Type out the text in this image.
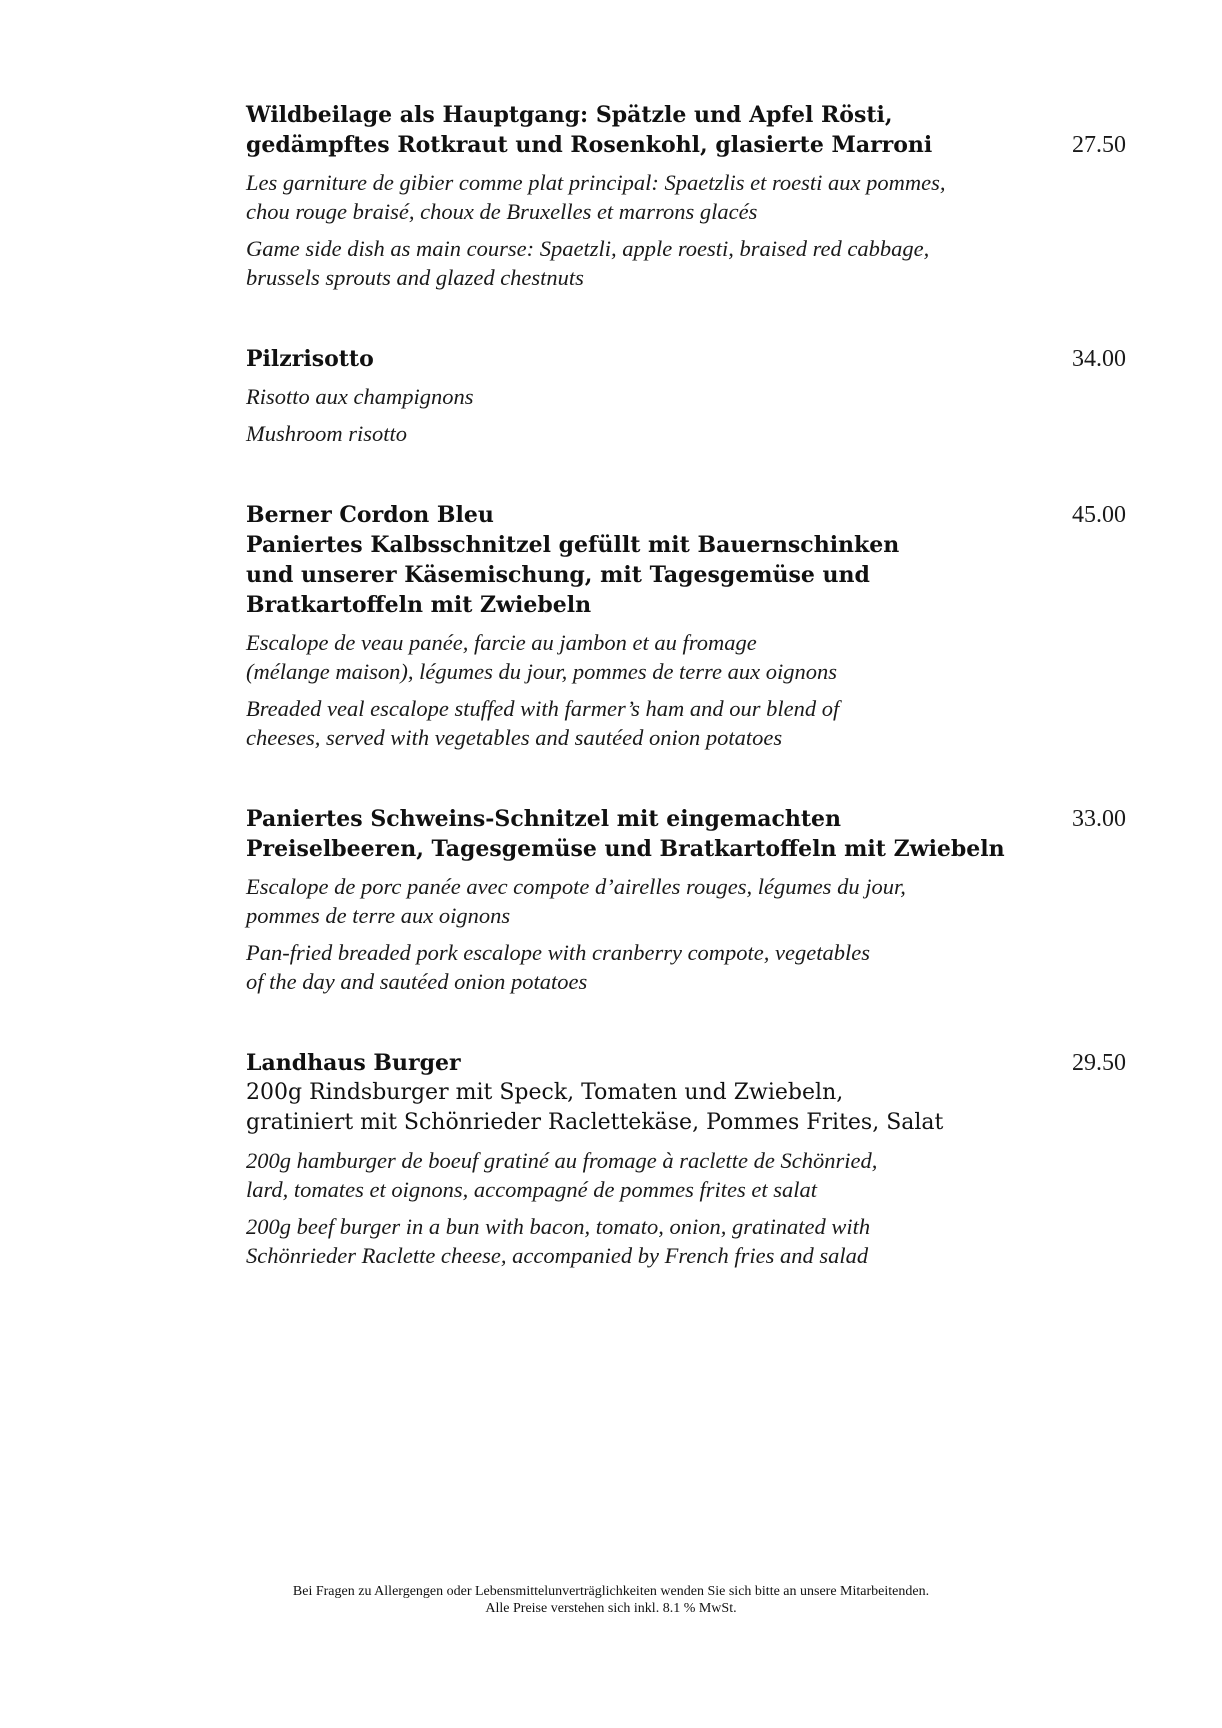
27.50
Wildbeilage als Hauptgang: Spätzle und Apfel Rösti,
gedämpftes Rotkraut und Rosenkohl, glasierte Marroni
Les garniture de gibier comme plat principal: Spaetzlis et roesti aux pommes,
chou rouge braisé, choux de Bruxelles et marrons glacés
Game side dish as main course: Spaetzli, apple roesti, braised red cabbage,
brussels sprouts and glazed chestnuts
34.00
Pilzrisotto
Risotto aux champignons
Mushroom risotto
45.00
Berner Cordon Bleu
Paniertes Kalbsschnitzel gefüllt mit Bauernschinken
und unserer Käsemischung, mit Tagesgemüse und
Bratkartoffeln mit Zwiebeln
Escalope de veau panée, farcie au jambon et au fromage
(mélange maison), légumes du jour, pommes de terre aux oignons
Breaded veal escalope stuffed with farmer’s ham and our blend of
cheeses, served with vegetables and sautéed onion potatoes
33.00
Paniertes Schweins-Schnitzel mit eingemachten
Preiselbeeren, Tagesgemüse und Bratkartoffeln mit Zwiebeln
Escalope de porc panée avec compote d’airelles rouges, légumes du jour,
pommes de terre aux oignons
Pan-fried breaded pork escalope with cranberry compote, vegetables
of the day and sautéed onion potatoes
29.50
Landhaus Burger
200g Rindsburger mit Speck, Tomaten und Zwiebeln,
gratiniert mit Schönrieder Raclettekäse, Pommes Frites, Salat
200g hamburger de boeuf gratiné au fromage à raclette de Schönried,
lard, tomates et oignons, accompagné de pommes frites et salat
200g beef burger in a bun with bacon, tomato, onion, gratinated with
Schönrieder Raclette cheese, accompanied by French fries and salad
Bei Fragen zu Allergengen oder Lebensmittelunverträglichkeiten wenden Sie sich bitte an unsere Mitarbeitenden.
Alle Preise verstehen sich inkl. 8.1 % MwSt.
